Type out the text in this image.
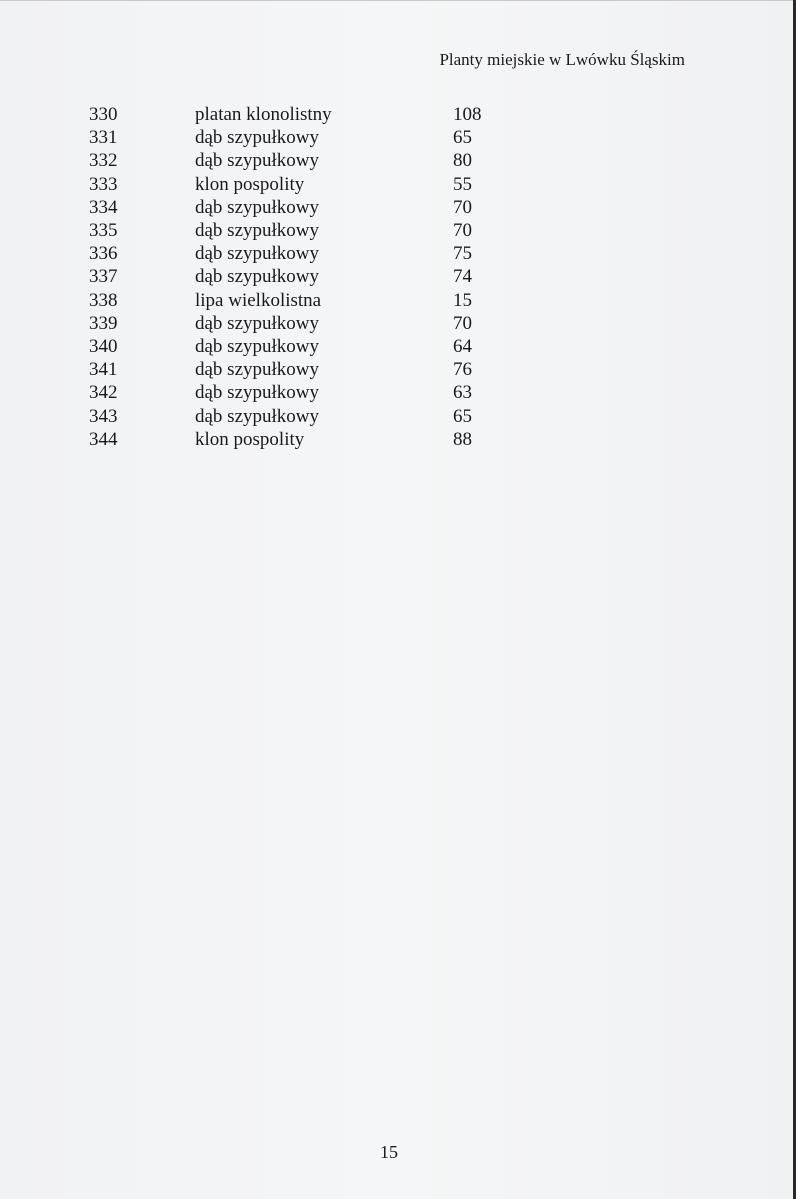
Planty miejskie w Lwówku Śląskim
330	platan klonolistny	108
331	dąb szypułkowy	65
332	dąb szypułkowy	80
333	klon pospolity	55
334	dąb szypułkowy	70
335	dąb szypułkowy	70
336	dąb szypułkowy	75
337	dąb szypułkowy	74
338	lipa wielkolistna	15
339	dąb szypułkowy	70
340	dąb szypułkowy	64
341	dąb szypułkowy	76
342	dąb szypułkowy	63
343	dąb szypułkowy	65
344	klon pospolity	88
15
